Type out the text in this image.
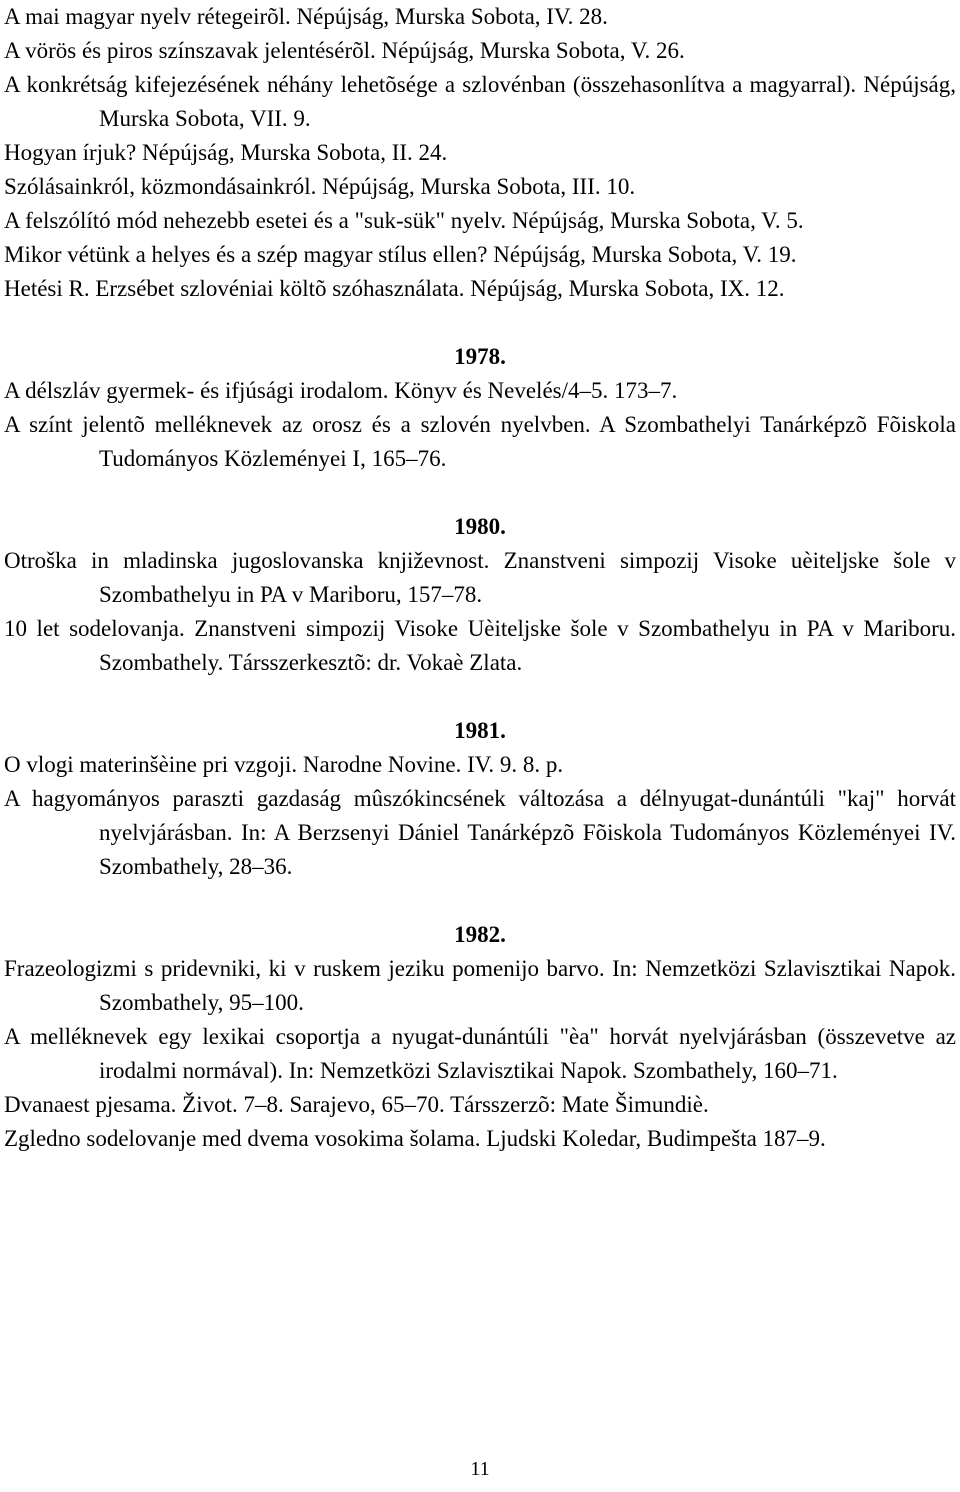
A mai magyar nyelv rétegeirõl. Népújság, Murska Sobota, IV. 28.

A vörös és piros színszavak jelentésérõl. Népújság, Murska Sobota, V. 26.

A konkrétság kifejezésének néhány lehetõsége a szlovénban (összehasonlítva a magyarral). Népújság, Murska Sobota, VII. 9.

Hogyan írjuk? Népújság, Murska Sobota, II. 24.

Szólásainkról, közmondásainkról. Népújság, Murska Sobota, III. 10.

A felszólító mód nehezebb esetei és a "suk-sük" nyelv. Népújság, Murska Sobota, V. 5.

Mikor vétünk a helyes és a szép magyar stílus ellen? Népújság, Murska Sobota, V. 19.

Hetési R. Erzsébet szlovéniai költõ szóhasználata. Népújság, Murska Sobota, IX. 12.

1978.

A délszláv gyermek- és ifjúsági irodalom. Könyv és Nevelés/4–5. 173–7.

A színt jelentõ melléknevek az orosz és a szlovén nyelvben. A Szombathelyi Tanárképzõ Fõiskola Tudományos Közleményei I, 165–76.

1980.

Otroška in mladinska jugoslovanska književnost. Znanstveni simpozij Visoke uèiteljske šole v Szombathelyu in PA v Mariboru, 157–78.

10 let sodelovanja. Znanstveni simpozij Visoke Uèiteljske šole v Szombathelyu in PA v Mariboru. Szombathely. Társszerkesztõ: dr. Vokaè Zlata.

1981.

O vlogi materinšèine pri vzgoji. Narodne Novine. IV. 9. 8. p.

A hagyományos paraszti gazdaság mûszókincsének változása a délnyugat-dunántúli "kaj" horvát nyelvjárásban. In: A Berzsenyi Dániel Tanárképzõ Fõiskola Tudományos Közleményei IV. Szombathely, 28–36.

1982.

Frazeologizmi s pridevniki, ki v ruskem jeziku pomenijo barvo. In: Nemzetközi Szlavisztikai Napok. Szombathely, 95–100.

A melléknevek egy lexikai csoportja a nyugat-dunántúli "èa" horvát nyelvjárásban (összevetve az irodalmi normával). In: Nemzetközi Szlavisztikai Napok. Szombathely, 160–71.

Dvanaest pjesama. Život. 7–8. Sarajevo, 65–70. Társszerzõ: Mate Šimundiè.

Zgledno sodelovanje med dvema vosokima šolama. Ljudski Koledar, Budimpešta 187–9.

11
